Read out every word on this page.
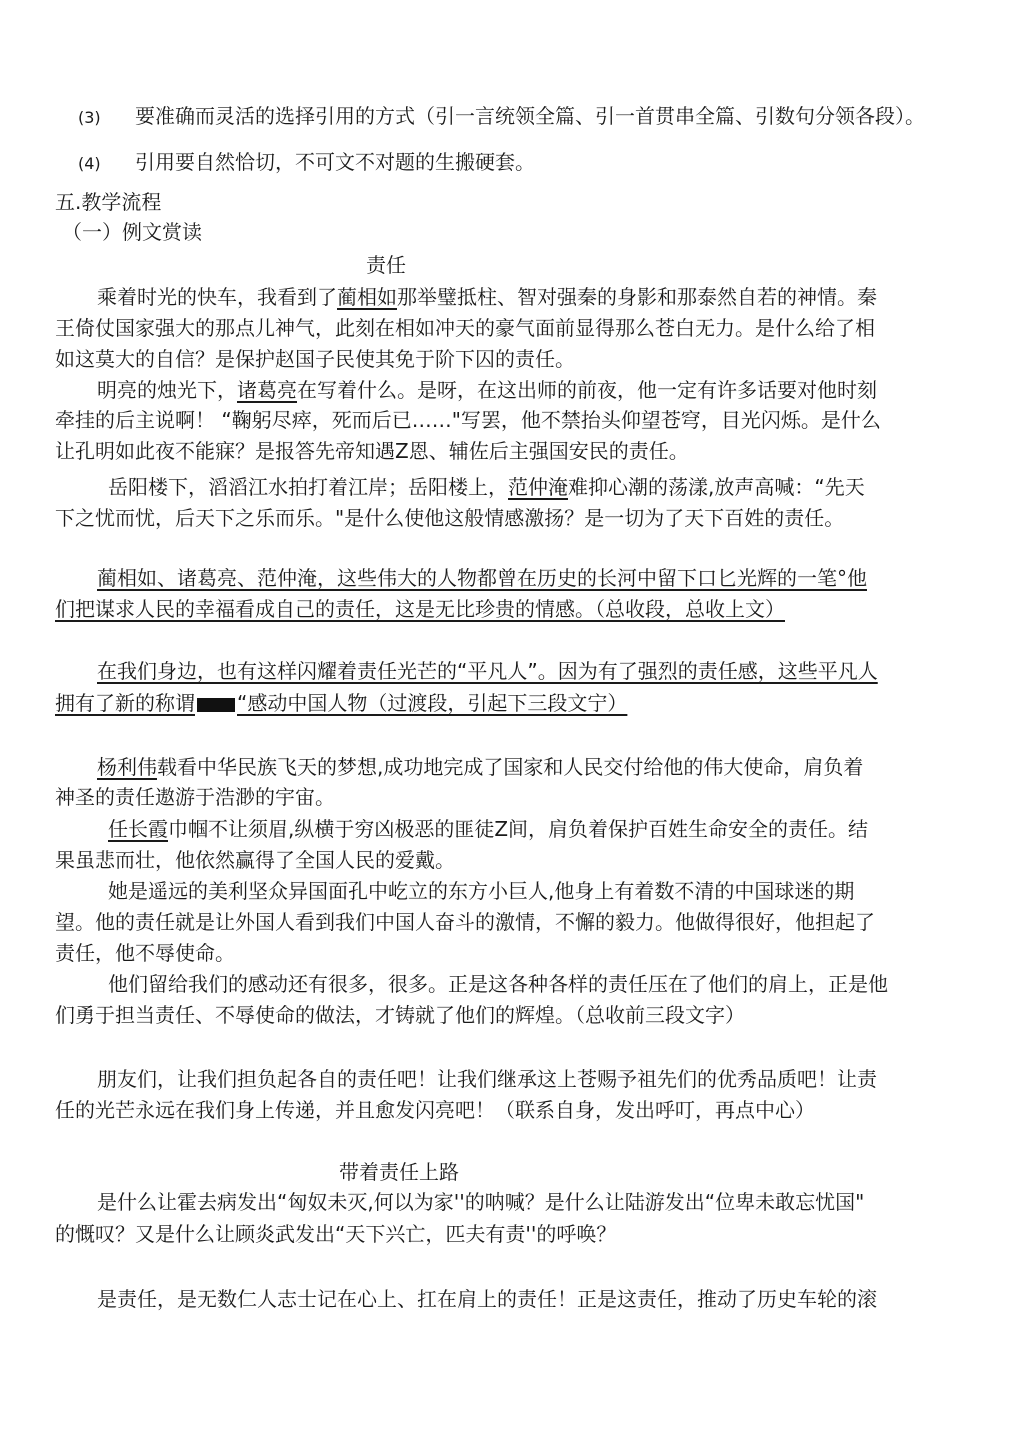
(3) 要准确而灵活的选择引用的方式（引一言统领全篇、引一首贯串全篇、引数句分领各段）。
(4) 引用要自然恰切，不可文不对题的生搬硬套。
五.教学流程
（一）例文赏读
责任
乘着时光的快车，我看到了蔺相如那举璧抵柱、智对强秦的身影和那泰然自若的神情。秦
王倚仗国家强大的那点儿神气，此刻在相如冲天的豪气面前显得那么苍白无力。是什么给了相
如这莫大的自信？是保护赵国子民使其免于阶下囚的责任。
明亮的烛光下，诸葛亮在写着什么。是呀，在这出师的前夜，他一定有许多话要对他时刻
牵挂的后主说啊！ “鞠躬尽瘁，死而后已……"写罢，他不禁抬头仰望苍穹，目光闪烁。是什么
让孔明如此夜不能寐？是报答先帝知遇Z恩、辅佐后主强国安民的责任。
岳阳楼下，滔滔江水拍打着江岸；岳阳楼上，范仲淹难抑心潮的荡漾,放声高喊：“先天
下之忧而忧，后天下之乐而乐。"是什么使他这般情感激扬？是一切为了天下百姓的责任。
蔺相如、诸葛亮、范仲淹，这些伟大的人物都曾在历史的长河中留下口匕光辉的一笔°他
们把谋求人民的幸福看成自己的责任，这是无比珍贵的情感。（总收段，总收上文）
在我们身边，也有这样闪耀着责任光芒的“平凡人”。因为有了强烈的责任感，这些平凡人
拥有了新的称谓 “感动中国人物（过渡段，引起下三段文宁）
杨利伟载看中华民族飞天的梦想,成功地完成了国家和人民交付给他的伟大使命，肩负着
神圣的责任遨游于浩渺的宇宙。
任长霞巾帼不让须眉,纵横于穷凶极恶的匪徒Z间，肩负着保护百姓生命安全的责任。结
果虽悲而壮，他依然赢得了全国人民的爱戴。
她是遥远的美利坚众异国面孔中屹立的东方小巨人,他身上有着数不清的中国球迷的期
望。他的责任就是让外国人看到我们中国人奋斗的激情，不懈的毅力。他做得很好，他担起了
责任，他不辱使命。
他们留给我们的感动还有很多，很多。正是这各种各样的责任压在了他们的肩上，正是他
们勇于担当责任、不辱使命的做法，才铸就了他们的辉煌。（总收前三段文字）
朋友们，让我们担负起各自的责任吧！让我们继承这上苍赐予祖先们的优秀品质吧！让责
任的光芒永远在我们身上传递，并且愈发闪亮吧！（联系自身，发出呼叮，再点中心）
带着责任上路
是什么让霍去病发出“匈奴未灭,何以为家''的呐喊？是什么让陆游发出“位卑未敢忘忧国"
的慨叹？又是什么让顾炎武发出“天下兴亡，匹夫有责''的呼唤？
是责任，是无数仁人志士记在心上、扛在肩上的责任！正是这责任，推动了历史车轮的滚
